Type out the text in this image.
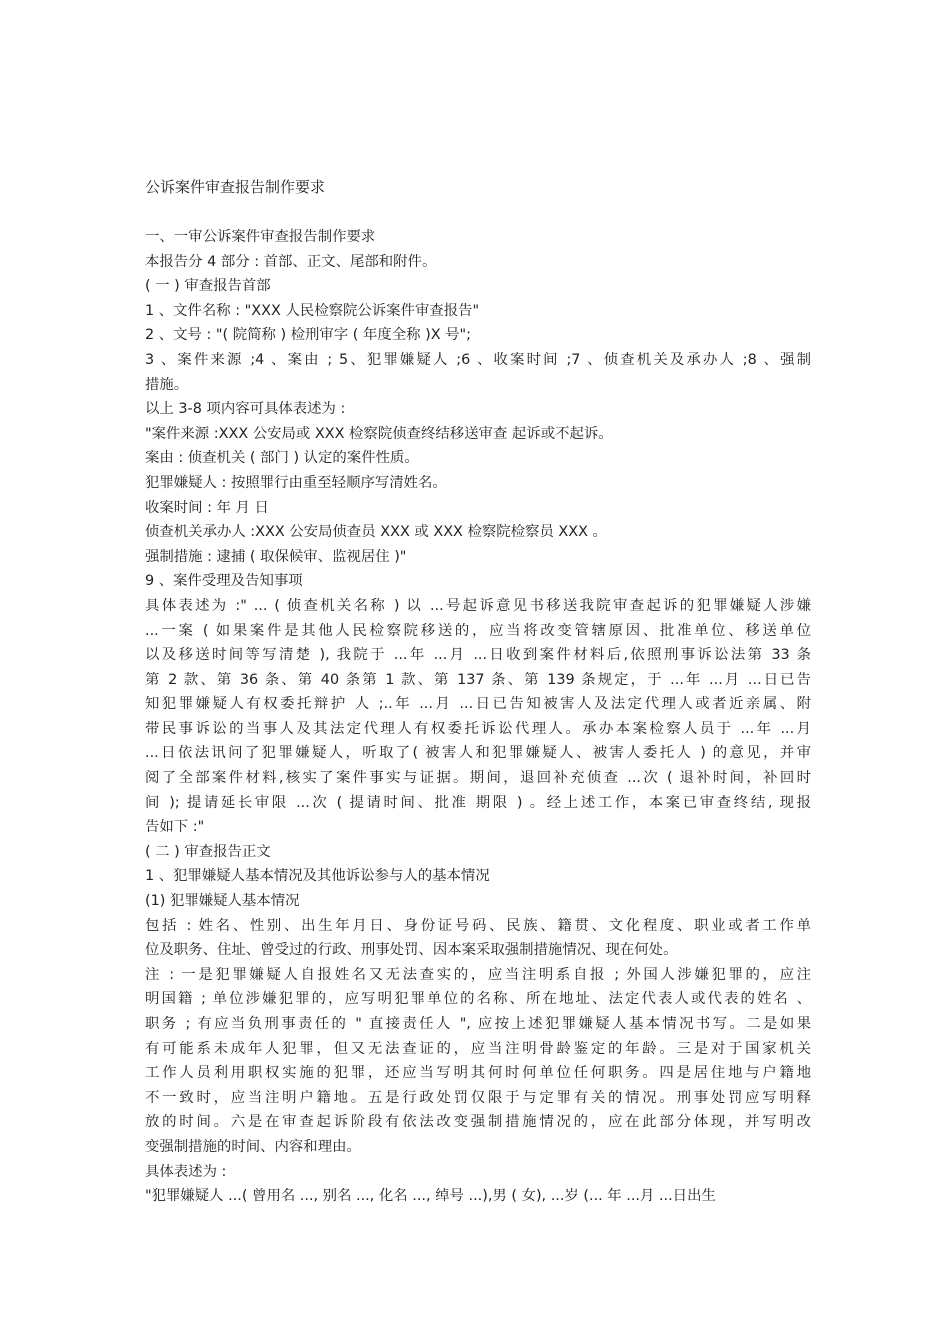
公诉案件审查报告制作要求
一、一审公诉案件审查报告制作要求
本报告分 4 部分 : 首部、正文、尾部和附件。
( 一 ) 审查报告首部
1 、文件名称 : "XXX 人民检察院公诉案件审查报告"
2 、文号 : "( 院简称 ) 检刑审字 ( 年度全称 )X 号";
3 、案件来源 ;4 、案由 ; 5、犯罪嫌疑人 ;6 、收案时间 ;7 、侦查机关及承办人 ;8 、强制
措施。
以上 3-8 项内容可具体表述为 :
"案件来源 :XXX 公安局或 XXX 检察院侦查终结移送审查 起诉或不起诉。
案由 : 侦查机关 ( 部门 ) 认定的案件性质。
犯罪嫌疑人 : 按照罪行由重至轻顺序写清姓名。
收案时间 : 年 月 日
侦查机关承办人 :XXX 公安局侦查员 XXX 或 XXX 检察院检察员 XXX 。
强制措施 : 逮捕 ( 取保候审、监视居住 )"
9 、案件受理及告知事项
具体表述为 :" ... ( 侦查机关名称 ) 以 ...号起诉意见书移送我院审查起诉的犯罪嫌疑人涉嫌
...一案 ( 如果案件是其他人民检察院移送的，应当将改变管辖原因、批准单位、移送单位
以及移送时间等写清楚 ), 我院于 ...年 ...月 ...日收到案件材料后,依照刑事诉讼法第 33 条
第 2 款、第 36 条、第 40 条第 1 款、第 137 条、第 139 条规定，于 ...年 ...月 ...日已告
知犯罪嫌疑人有权委托辩护 人 ;..年 ...月 ...日已告知被害人及法定代理人或者近亲属、附
带民事诉讼的当事人及其法定代理人有权委托诉讼代理人。承办本案检察人员于 ...年 ...月
...日依法讯问了犯罪嫌疑人，听取了( 被害人和犯罪嫌疑人、被害人委托人 ) 的意见，并审
阅了全部案件材料,核实了案件事实与证据。期间，退回补充侦查 ...次 ( 退补时间，补回时
间 ); 提请延长审限 ...次 ( 提请时间、批准 期限 ) 。经上述工作，本案已审查终结, 现报
告如下 :"
( 二 ) 审查报告正文
1 、犯罪嫌疑人基本情况及其他诉讼参与人的基本情况
(1) 犯罪嫌疑人基本情况
包括 : 姓名、性别、出生年月日、身份证号码、民族、籍贯、文化程度、职业或者工作单
位及职务、住址、曾受过的行政、刑事处罚、因本案采取强制措施情况、现在何处。
注 : 一是犯罪嫌疑人自报姓名又无法查实的，应当注明系自报 ; 外国人涉嫌犯罪的，应注
明国籍 ; 单位涉嫌犯罪的，应写明犯罪单位的名称、所在地址、法定代表人或代表的姓名 、
职务 ; 有应当负刑事责任的 " 直接责任人 ", 应按上述犯罪嫌疑人基本情况书写。二是如果
有可能系未成年人犯罪，但又无法查证的，应当注明骨龄鉴定的年龄。三是对于国家机关
工作人员利用职权实施的犯罪，还应当写明其何时何单位任何职务。四是居住地与户籍地
不一致时，应当注明户籍地。五是行政处罚仅限于与定罪有关的情况。刑事处罚应写明释
放的时间。六是在审查起诉阶段有依法改变强制措施情况的，应在此部分体现，并写明改
变强制措施的时间、内容和理由。
具体表述为 :
"犯罪嫌疑人 ...( 曾用名 ..., 别名 ..., 化名 ..., 绰号 ...),男 ( 女), ...岁 (... 年 ...月 ...日出生
